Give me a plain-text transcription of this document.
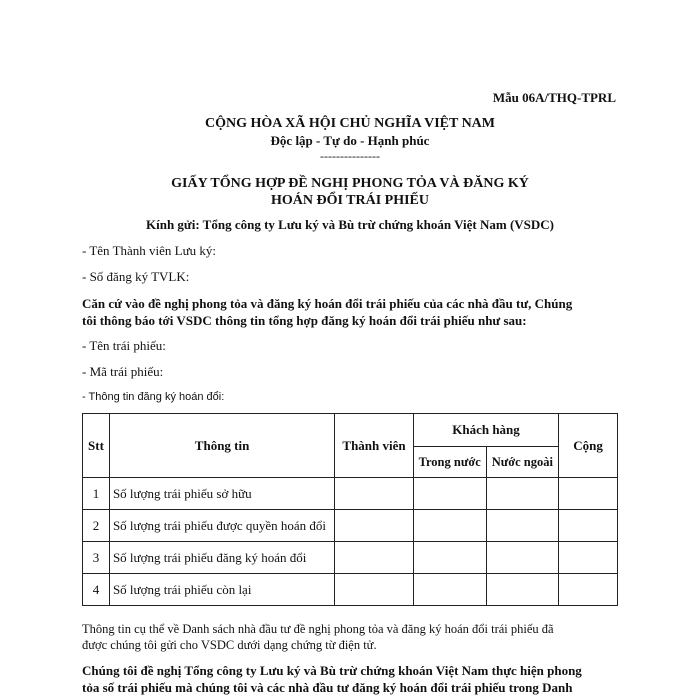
Mẫu 06A/THQ-TPRL
CỘNG HÒA XÃ HỘI CHỦ NGHĨA VIỆT NAM
Độc lập - Tự do - Hạnh phúc
---------------
GIẤY TỔNG HỢP ĐỀ NGHỊ PHONG TỎA VÀ ĐĂNG KÝ
HOÁN ĐỔI TRÁI PHIẾU
Kính gửi: Tổng công ty Lưu ký và Bù trừ chứng khoán Việt Nam (VSDC)
- Tên Thành viên Lưu ký:
- Số đăng ký TVLK:
Căn cứ vào đề nghị phong tỏa và đăng ký hoán đổi trái phiếu của các nhà đầu tư, Chúng
tôi thông báo tới VSDC thông tin tổng hợp đăng ký hoán đổi trái phiếu như sau:
- Tên trái phiếu:
- Mã trái phiếu:
- Thông tin đăng ký hoán đổi:
Stt	Thông tin	Thành viên	Khách hàng		Cộng
			Trong nước	Nước ngoài	
1	Số lượng trái phiếu sở hữu				
2	Số lượng trái phiếu được quyền hoán đổi				
3	Số lượng trái phiếu đăng ký hoán đổi				
4	Số lượng trái phiếu còn lại				
Thông tin cụ thể về Danh sách nhà đầu tư đề nghị phong tỏa và đăng ký hoán đổi trái phiếu đã
được chúng tôi gửi cho VSDC dưới dạng chứng từ điện tử.
Chúng tôi đề nghị Tổng công ty Lưu ký và Bù trừ chứng khoán Việt Nam thực hiện phong
tỏa số trái phiếu mà chúng tôi và các nhà đầu tư đăng ký hoán đổi trái phiếu trong Danh
